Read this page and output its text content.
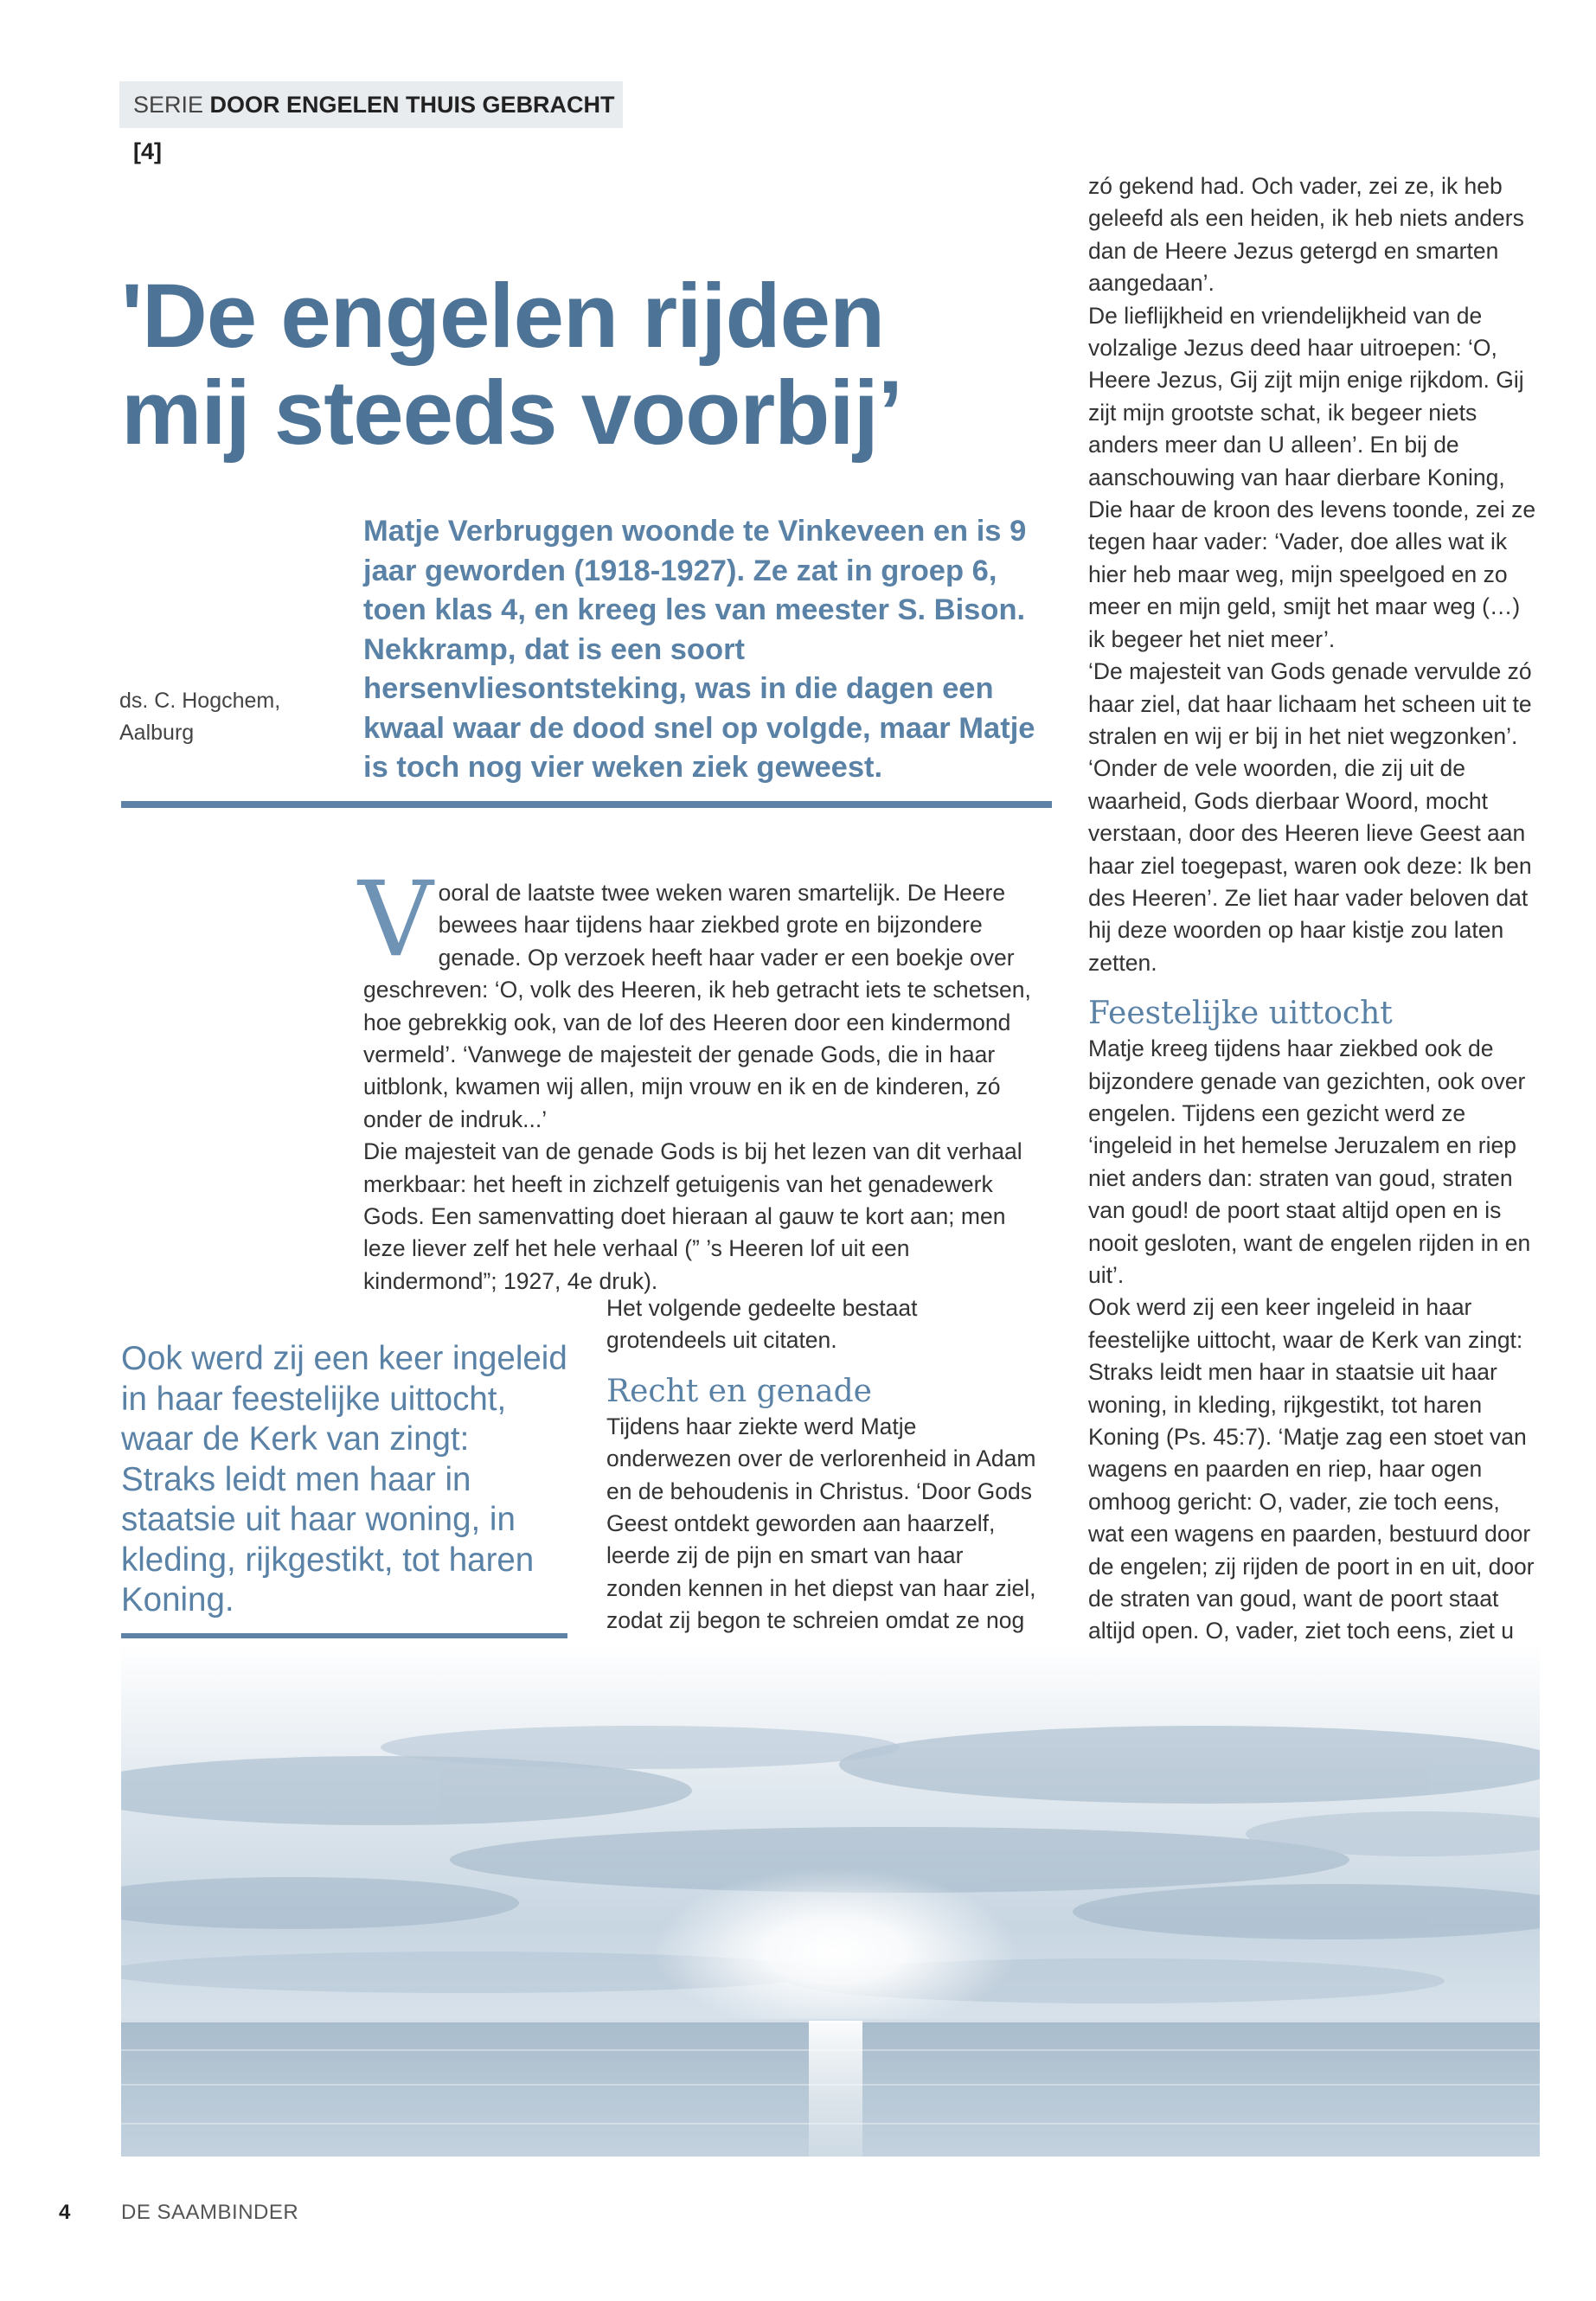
SERIE DOOR ENGELEN THUIS GEBRACHT [4]
'De engelen rijden
mij steeds voorbij’
Matje Verbruggen woonde te Vinkeveen en is 9 jaar geworden (1918-1927). Ze zat in groep 6, toen klas 4, en kreeg les van meester S. Bison. Nekkramp, dat is een soort hersenvliesontsteking, was in die dagen een kwaal waar de dood snel op volgde, maar Matje is toch nog vier weken ziek geweest.
ds. C. Hogchem,
Aalburg
V ooral de laatste twee weken waren smartelijk. De Heere bewees haar tijdens haar ziekbed grote en bijzondere genade. Op verzoek heeft haar vader er een boekje over geschreven: ‘O, volk des Heeren, ik heb getracht iets te schetsen, hoe gebrekkig ook, van de lof des Heeren door een kindermond vermeld’. ‘Vanwege de majesteit der genade Gods, die in haar uitblonk, kwamen wij allen, mijn vrouw en ik en de kinderen, zó onder de indruk...’

Die majesteit van de genade Gods is bij het lezen van dit verhaal merkbaar: het heeft in zichzelf getuigenis van het genadewerk Gods. Een samenvatting doet hieraan al gauw te kort aan; men leze liever zelf het hele verhaal (” ’s Heeren lof uit een kindermond”; 1927, 4e druk).

Het volgende gedeelte bestaat grotendeels uit citaten.

Recht en genade

Tijdens haar ziekte werd Matje onderwezen over de verlorenheid in Adam en de behoudenis in Christus. ‘Door Gods Geest ontdekt geworden aan haarzelf, leerde zij de pijn en smart van haar zonden kennen in het diepst van haar ziel, zodat zij begon te schreien omdat ze nog

zó gekend had. Och vader, zei ze, ik heb geleefd als een heiden, ik heb niets anders dan de Heere Jezus getergd en smarten aangedaan’.

De lieflijkheid en vriendelijkheid van de volzalige Jezus deed haar uitroepen: ‘O, Heere Jezus, Gij zijt mijn enige rijkdom. Gij zijt mijn grootste schat, ik begeer niets anders meer dan U alleen’. En bij de aanschouwing van haar dierbare Koning, Die haar de kroon des levens toonde, zei ze tegen haar vader: ‘Vader, doe alles wat ik hier heb maar weg, mijn speelgoed en zo meer en mijn geld, smijt het maar weg (…) ik begeer het niet meer’.

‘De majesteit van Gods genade vervulde zó haar ziel, dat haar lichaam het scheen uit te stralen en wij er bij in het niet wegzonken’. ‘Onder de vele woorden, die zij uit de waarheid, Gods dierbaar Woord, mocht verstaan, door des Heeren lieve Geest aan haar ziel toegepast, waren ook deze: Ik ben des Heeren’. Ze liet haar vader beloven dat hij deze woorden op haar kistje zou laten zetten.

Feestelijke uittocht

Matje kreeg tijdens haar ziekbed ook de bijzondere genade van gezichten, ook over engelen. Tijdens een gezicht werd ze ‘ingeleid in het hemelse Jeruzalem en riep niet anders dan: straten van goud, straten van goud! de poort staat altijd open en is nooit gesloten, want de engelen rijden in en uit’.

Ook werd zij een keer ingeleid in haar feestelijke uittocht, waar de Kerk van zingt: Straks leidt men haar in staatsie uit haar woning, in kleding, rijkgestikt, tot haren Koning (Ps. 45:7). ‘Matje zag een stoet van wagens en paarden en riep, haar ogen omhoog gericht: O, vader, zie toch eens, wat een wagens en paarden, bestuurd door de engelen; zij rijden de poort in en uit, door de straten van goud, want de poort staat altijd open. O, vader, ziet toch eens, ziet u

Ook werd zij een keer ingeleid in haar feestelijke uittocht, waar de Kerk van zingt: Straks leidt men haar in staatsie uit haar woning, in kleding, rijkgestikt, tot haren Koning.
4 DE SAAMBINDER
